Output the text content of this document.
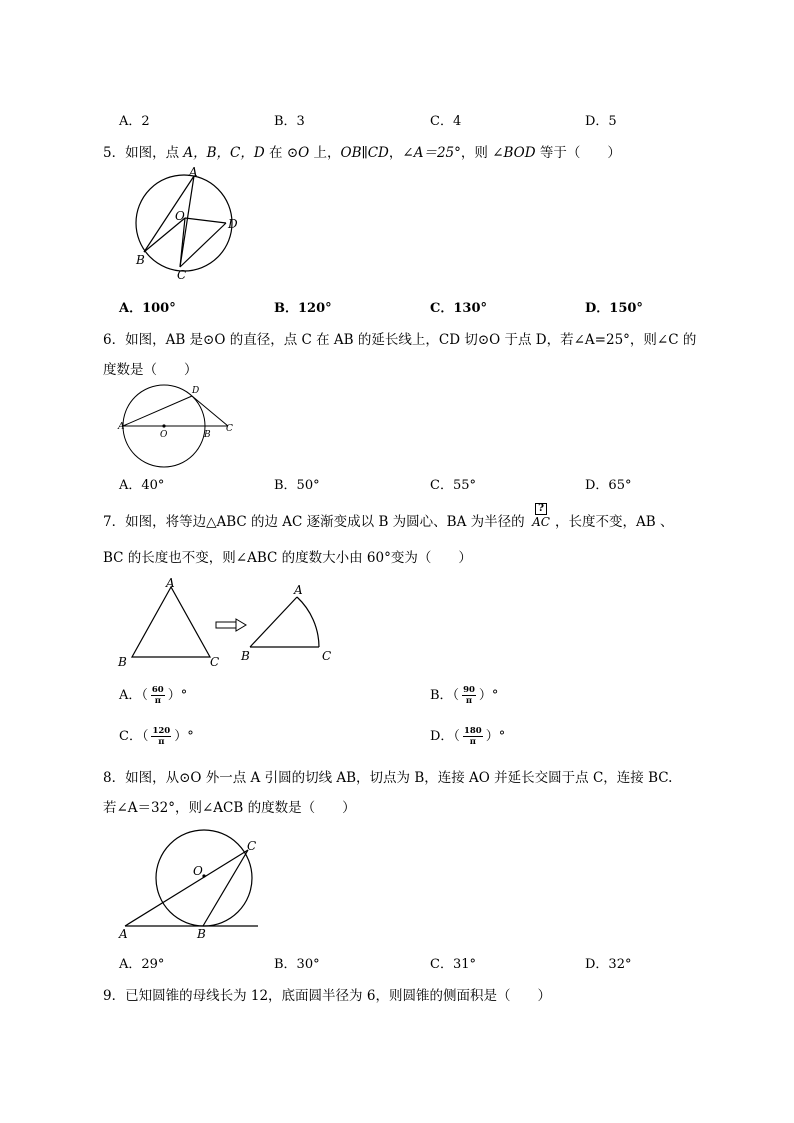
A．2	B．3	C．4	D．5
5．如图，点 A，B，C，D 在 ⊙O 上，OB∥CD，∠A＝25°，则 ∠BOD 等于（　　）
A
O
D
B
C
A．100°	B．120°	C．130°	D．150°
6．如图，AB 是⊙O 的直径，点 C 在 AB 的延长线上，CD 切⊙O 于点 D，若∠A=25°，则∠C 的
度数是（　　）
D
A
O	B
C
A．40°	B．50°	C．55°	D．65°
7．如图，将等边△ABC 的边 AC 逐渐变成以 B 为圆心、BA 为半径的
?
AC ，长度不变，AB 、
BC 的长度也不变，则∠ABC 的度数大小由 60°变为（　　）
A
B	C
A
B	C
A．（ $\frac{60}{\pi}$ ）°	B．（ $\frac{90}{\pi}$ ）°
C．（ $\frac{120}{\pi}$ ）°	D．（ $\frac{180}{\pi}$ ）°
8．如图，从⊙O 外一点 A 引圆的切线 AB，切点为 B，连接 AO 并延长交圆于点 C，连接 BC.
若∠A＝32°，则∠ACB 的度数是（　　）
C
O
A	B
A．29°	B．30°	C．31°	D．32°
9．已知圆锥的母线长为 12，底面圆半径为 6，则圆锥的侧面积是（　　）
